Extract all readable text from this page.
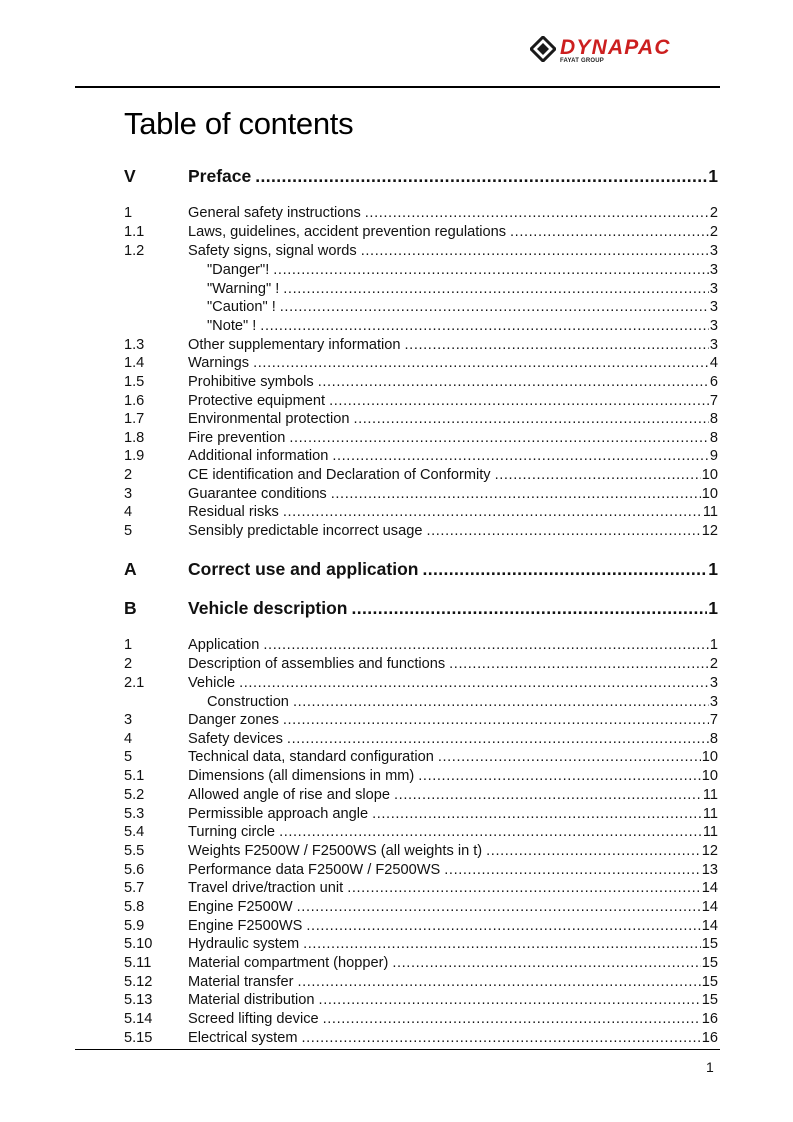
DYNAPAC
FAYAT GROUP
Table of contents
V	Preface .....	1
1	General safety instructions .....	2
1.1	Laws, guidelines, accident prevention regulations .....	2
1.2	Safety signs, signal words .....	3
"Danger"! .....	3
"Warning" ! .....	3
"Caution" ! .....	3
"Note" ! .....	3
1.3	Other supplementary information .....	3
1.4	Warnings .....	4
1.5	Prohibitive symbols .....	6
1.6	Protective equipment .....	7
1.7	Environmental protection .....	8
1.8	Fire prevention .....	8
1.9	Additional information .....	9
2	CE identification and Declaration of Conformity .....	10
3	Guarantee conditions .....	10
4	Residual risks .....	11
5	Sensibly predictable incorrect usage .....	12
A	Correct use and application .....	1
B	Vehicle description .....	1
1	Application .....	1
2	Description of assemblies and functions .....	2
2.1	Vehicle .....	3
Construction .....	3
3	Danger zones .....	7
4	Safety devices .....	8
5	Technical data, standard configuration .....	10
5.1	Dimensions (all dimensions in mm) .....	10
5.2	Allowed angle of rise and slope .....	11
5.3	Permissible approach angle .....	11
5.4	Turning circle .....	11
5.5	Weights F2500W / F2500WS (all weights in t) .....	12
5.6	Performance data F2500W / F2500WS .....	13
5.7	Travel drive/traction unit .....	14
5.8	Engine F2500W .....	14
5.9	Engine F2500WS .....	14
5.10	Hydraulic system .....	15
5.11	Material compartment (hopper) .....	15
5.12	Material transfer .....	15
5.13	Material distribution .....	15
5.14	Screed lifting device .....	16
5.15	Electrical system .....	16
1
